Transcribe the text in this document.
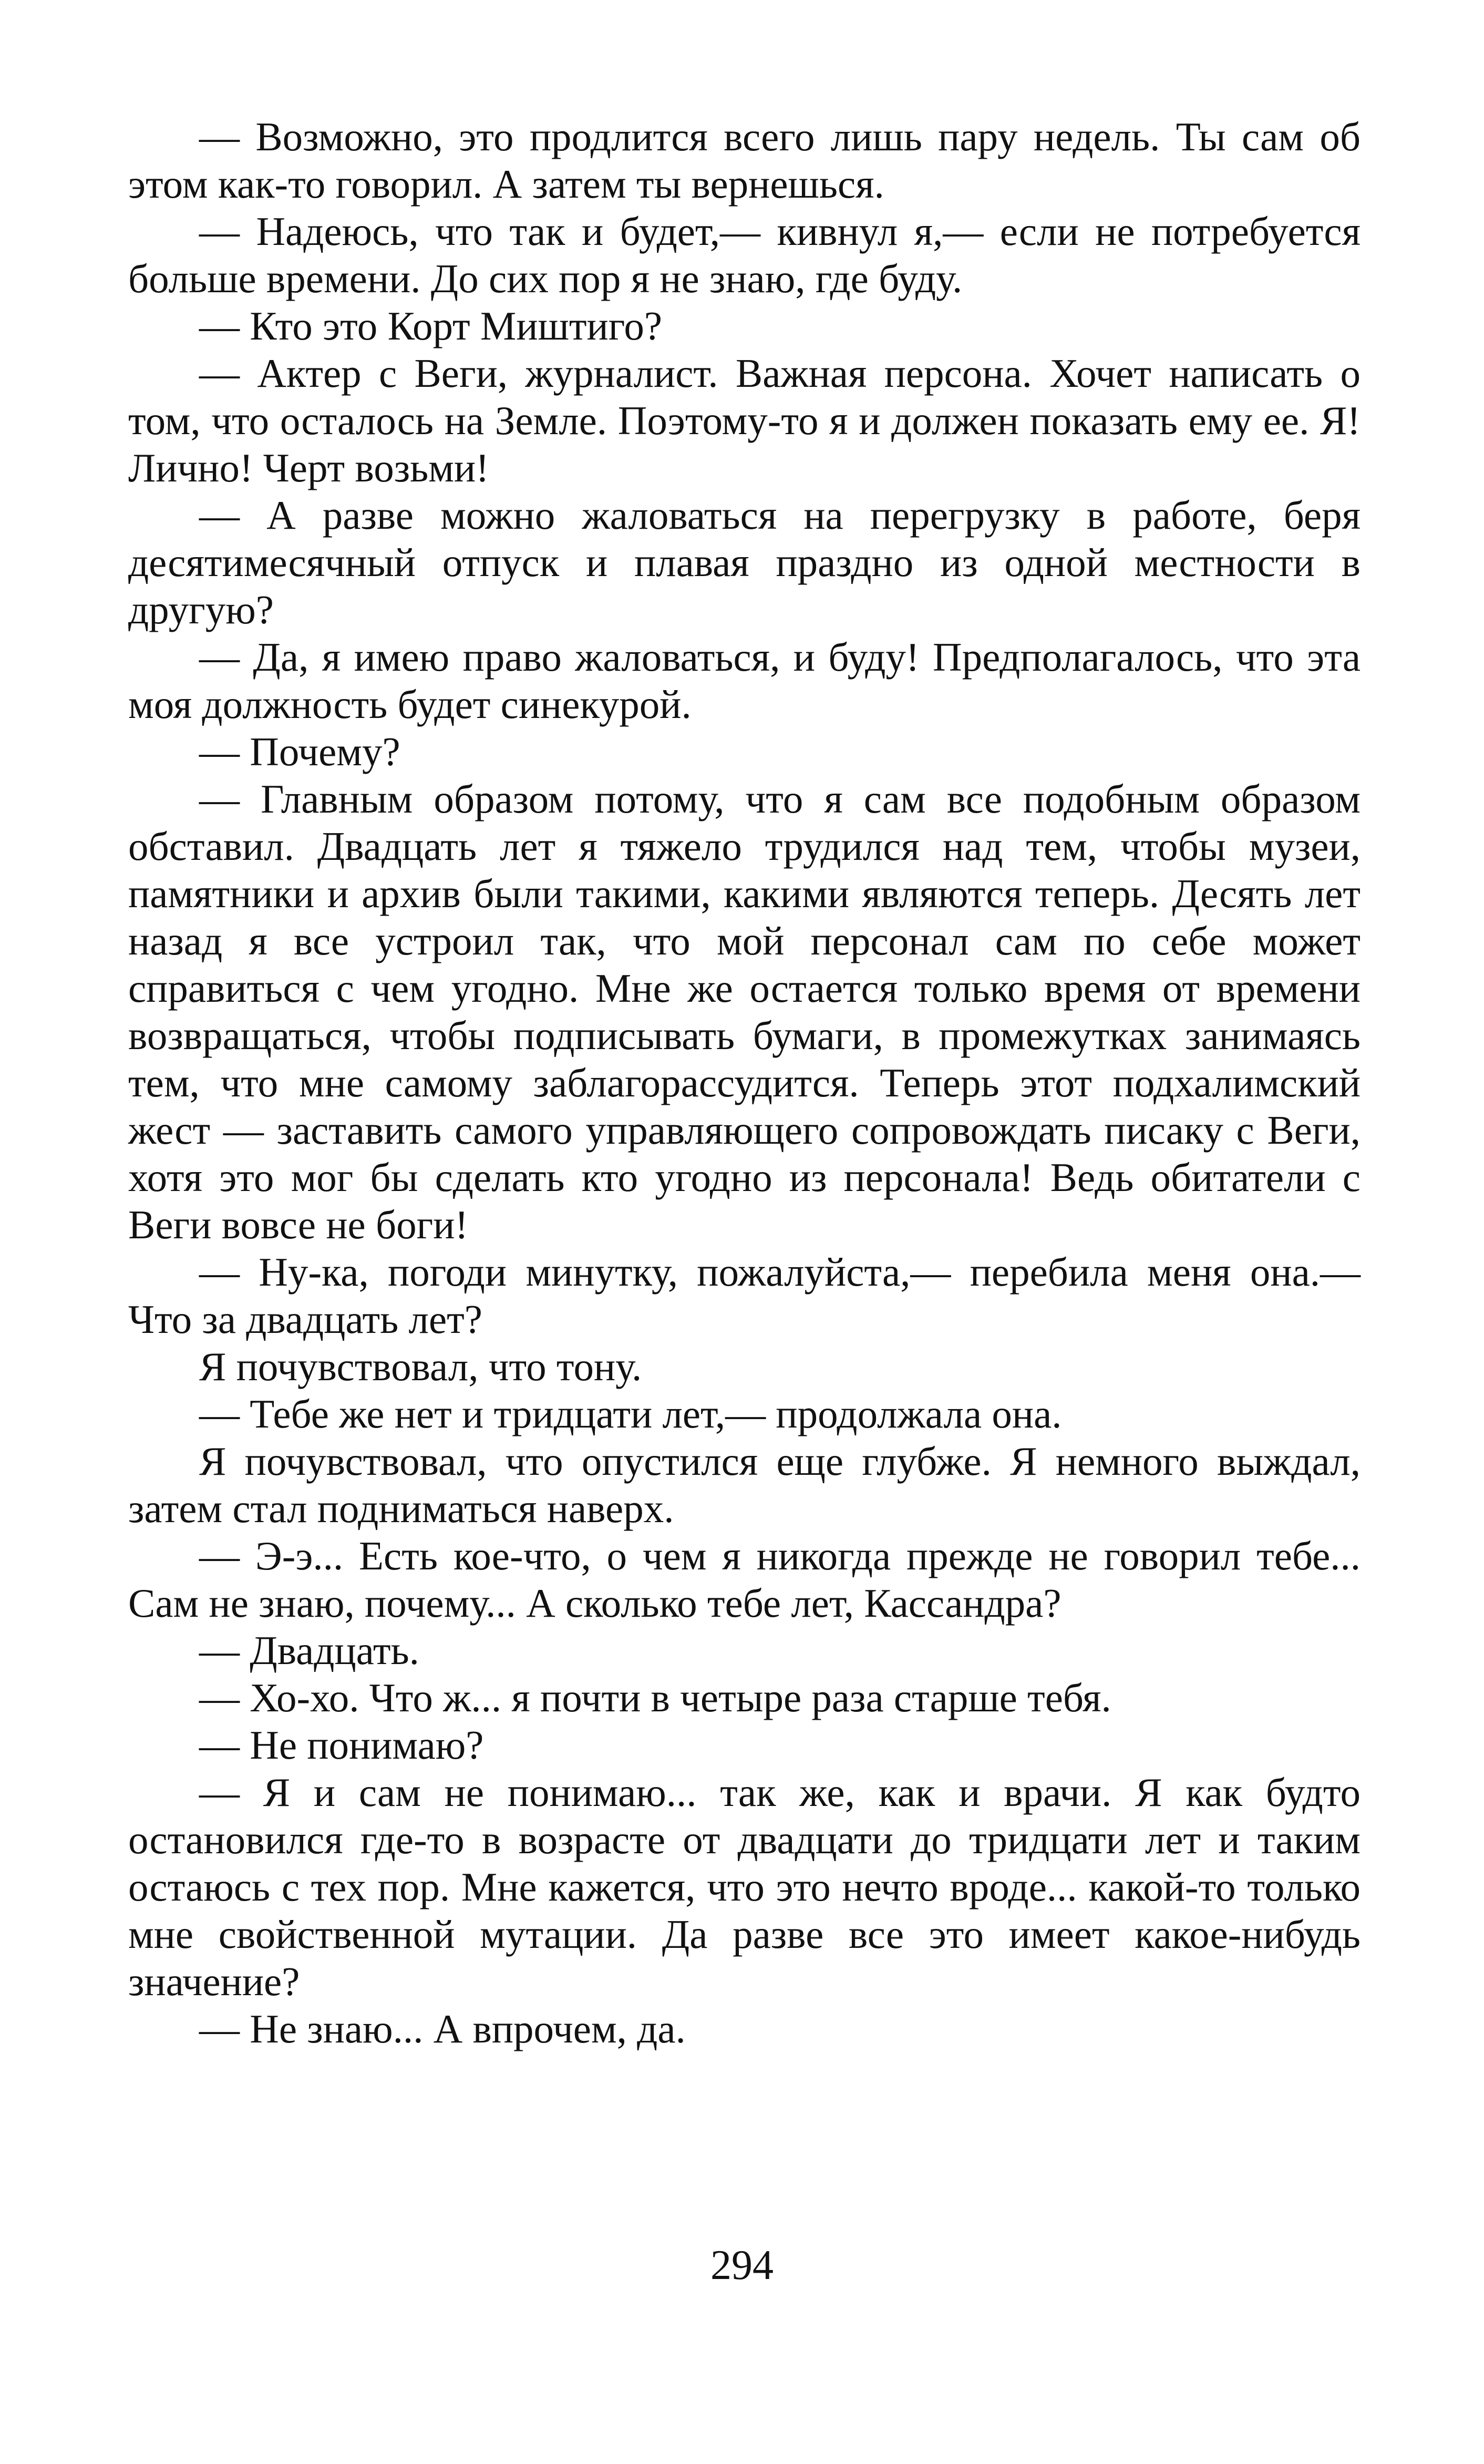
— Возможно, это продлится всего лишь пару недель. Ты сам об этом как-то говорил. А затем ты вернешься.

— Надеюсь, что так и будет,— кивнул я,— если не потребуется больше времени. До сих пор я не знаю, где буду.

— Кто это Корт Миштиго?

— Актер с Веги, журналист. Важная персона. Хочет написать о том, что осталось на Земле. Поэтому-то я и должен показать ему ее. Я! Лично! Черт возьми!

— А разве можно жаловаться на перегрузку в работе, беря десятимесячный отпуск и плавая праздно из одной местности в другую?

— Да, я имею право жаловаться, и буду! Предполагалось, что эта моя должность будет синекурой.

— Почему?

— Главным образом потому, что я сам все подобным образом обставил. Двадцать лет я тяжело трудился над тем, чтобы музеи, памятники и архив были такими, какими являются теперь. Десять лет назад я все устроил так, что мой персонал сам по себе может справиться с чем угодно. Мне же остается только время от времени возвращаться, чтобы подписывать бумаги, в промежутках занимаясь тем, что мне самому заблагорассудится. Теперь этот подхалимский жест — заставить самого управляющего сопровождать писаку с Веги, хотя это мог бы сделать кто угодно из персонала! Ведь обитатели с Веги вовсе не боги!

— Ну-ка, погоди минутку, пожалуйста,— перебила меня она.— Что за двадцать лет?

Я почувствовал, что тону.

— Тебе же нет и тридцати лет,— продолжала она.

Я почувствовал, что опустился еще глубже. Я немного выждал, затем стал подниматься наверх.

— Э-э... Есть кое-что, о чем я никогда прежде не говорил тебе... Сам не знаю, почему... А сколько тебе лет, Кассандра?

— Двадцать.

— Хо-хо. Что ж... я почти в четыре раза старше тебя.

— Не понимаю?

— Я и сам не понимаю... так же, как и врачи. Я как будто остановился где-то в возрасте от двадцати до тридцати лет и таким остаюсь с тех пор. Мне кажется, что это нечто вроде... какой-то только мне свойственной мутации. Да разве все это имеет какое-нибудь значение?

— Не знаю... А впрочем, да.

294
